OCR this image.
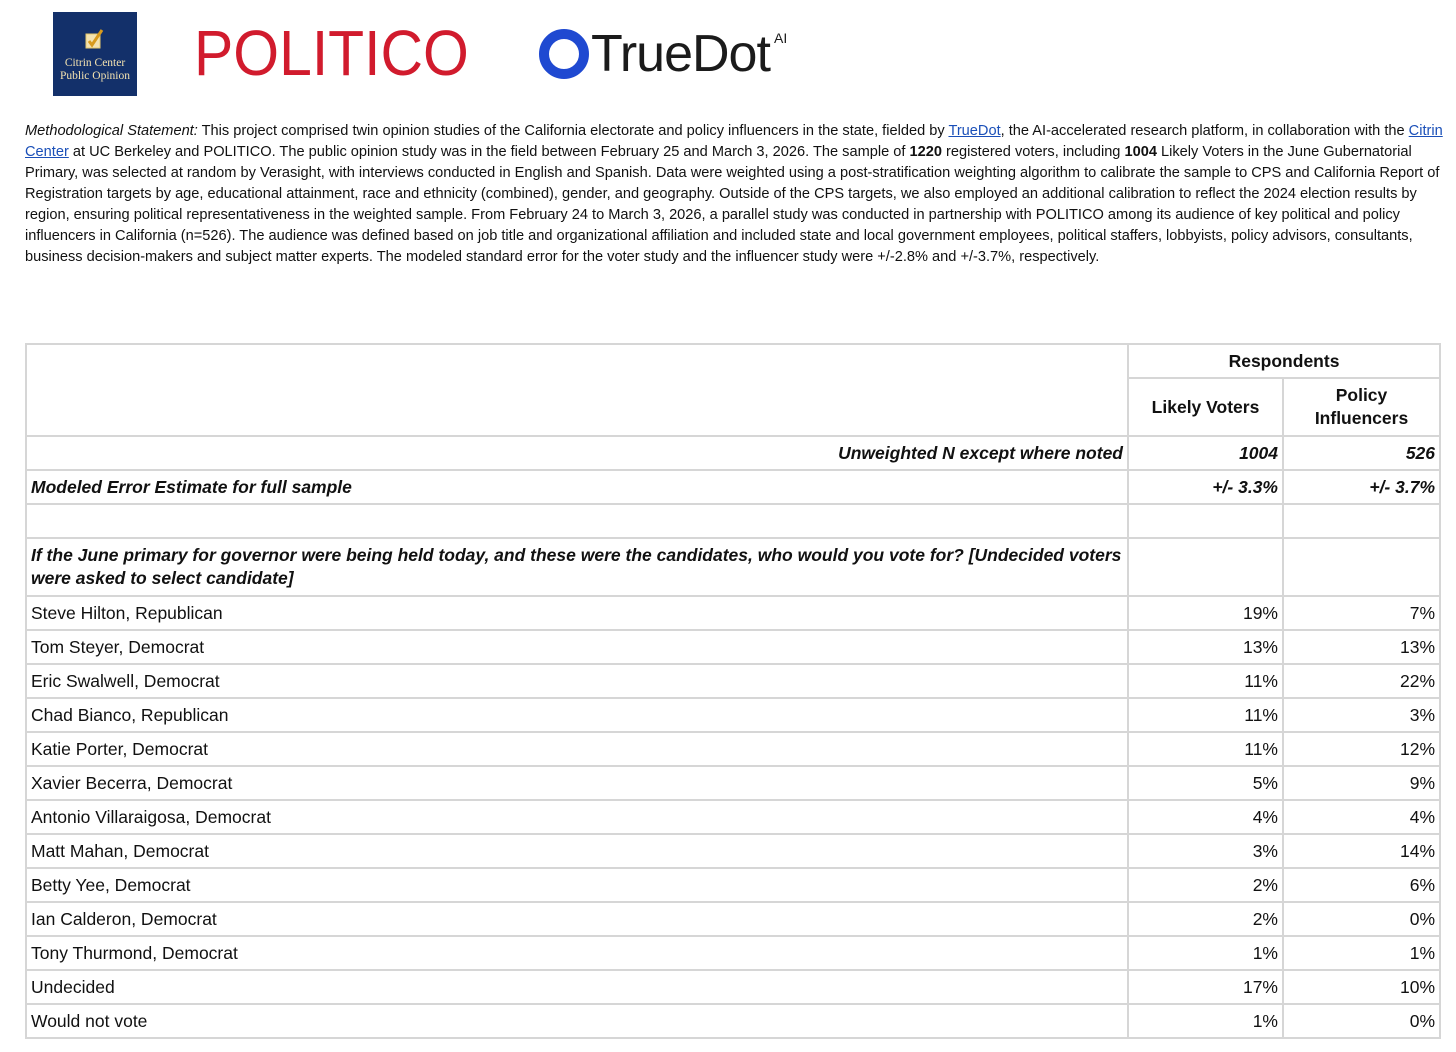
Citrin Center
Public Opinion POLITICO TrueDot AI
Methodological Statement: This project comprised twin opinion studies of the California electorate and policy influencers in the state, fielded by TrueDot, the AI-accelerated research platform, in collaboration with the Citrin Center at UC Berkeley and POLITICO. The public opinion study was in the field between February 25 and March 3, 2026. The sample of 1220 registered voters, including 1004 Likely Voters in the June Gubernatorial Primary, was selected at random by Verasight, with interviews conducted in English and Spanish. Data were weighted using a post-stratification weighting algorithm to calibrate the sample to CPS and California Report of Registration targets by age, educational attainment, race and ethnicity (combined), gender, and geography. Outside of the CPS targets, we also employed an additional calibration to reflect the 2024 election results by region, ensuring political representativeness in the weighted sample. From February 24 to March 3, 2026, a parallel study was conducted in partnership with POLITICO among its audience of key political and policy influencers in California (n=526). The audience was defined based on job title and organizational affiliation and included state and local government employees, political staffers, lobbyists, policy advisors, consultants, business decision-makers and subject matter experts. The modeled standard error for the voter study and the influencer study were +/-2.8% and +/-3.7%, respectively.
	Respondents	
	Likely Voters	Policy Influencers
Unweighted N except where noted	1004	526
Modeled Error Estimate for full sample	+/- 3.3%	+/- 3.7%

If the June primary for governor were being held today, and these were the candidates, who would you vote for? [Undecided voters were asked to select candidate]		
Steve Hilton, Republican	19%	7%
Tom Steyer, Democrat	13%	13%
Eric Swalwell, Democrat	11%	22%
Chad Bianco, Republican	11%	3%
Katie Porter, Democrat	11%	12%
Xavier Becerra, Democrat	5%	9%
Antonio Villaraigosa, Democrat	4%	4%
Matt Mahan, Democrat	3%	14%
Betty Yee, Democrat	2%	6%
Ian Calderon, Democrat	2%	0%
Tony Thurmond, Democrat	1%	1%
Undecided	17%	10%
Would not vote	1%	0%
